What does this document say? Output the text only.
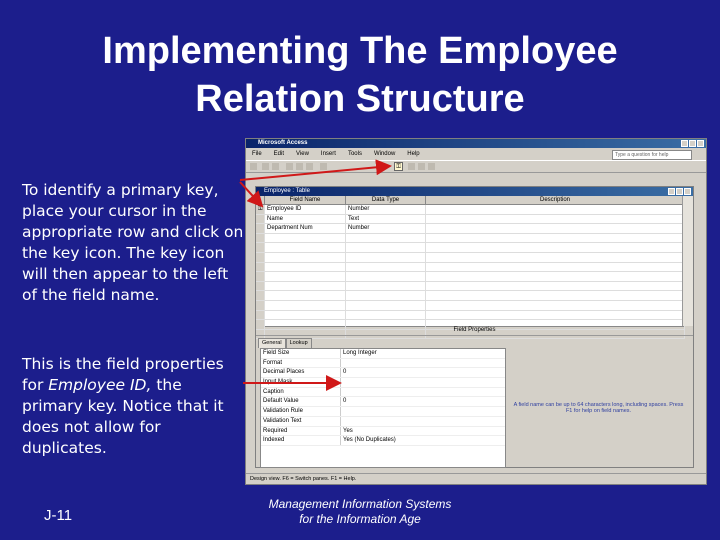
Implementing The Employee
Relation Structure
To identify a primary key, place your cursor in the appropriate row and click on the key icon. The key icon will then appear to the left of the field name.
This is the field properties for Employee ID, the primary key. Notice that it does not allow for duplicates.
J-11
Management Information Systems
for the Information Age
Microsoft Access
File Edit View Insert Tools Window Help	Type a question for help
⚿
Employee : Table
Field Name	Data Type	Description
⚿ Employee ID	Number
Name	Text
Department Num	Number
Field Properties
General	Lookup
Field Size	Long Integer
Format
Decimal Places	0
Input Mask
Caption
Default Value	0
Validation Rule
Validation Text
Required	Yes
Indexed	Yes (No Duplicates)
A field name can be up to 64 characters long, including spaces. Press F1 for help on field names.
Design view. F6 = Switch panes. F1 = Help.
